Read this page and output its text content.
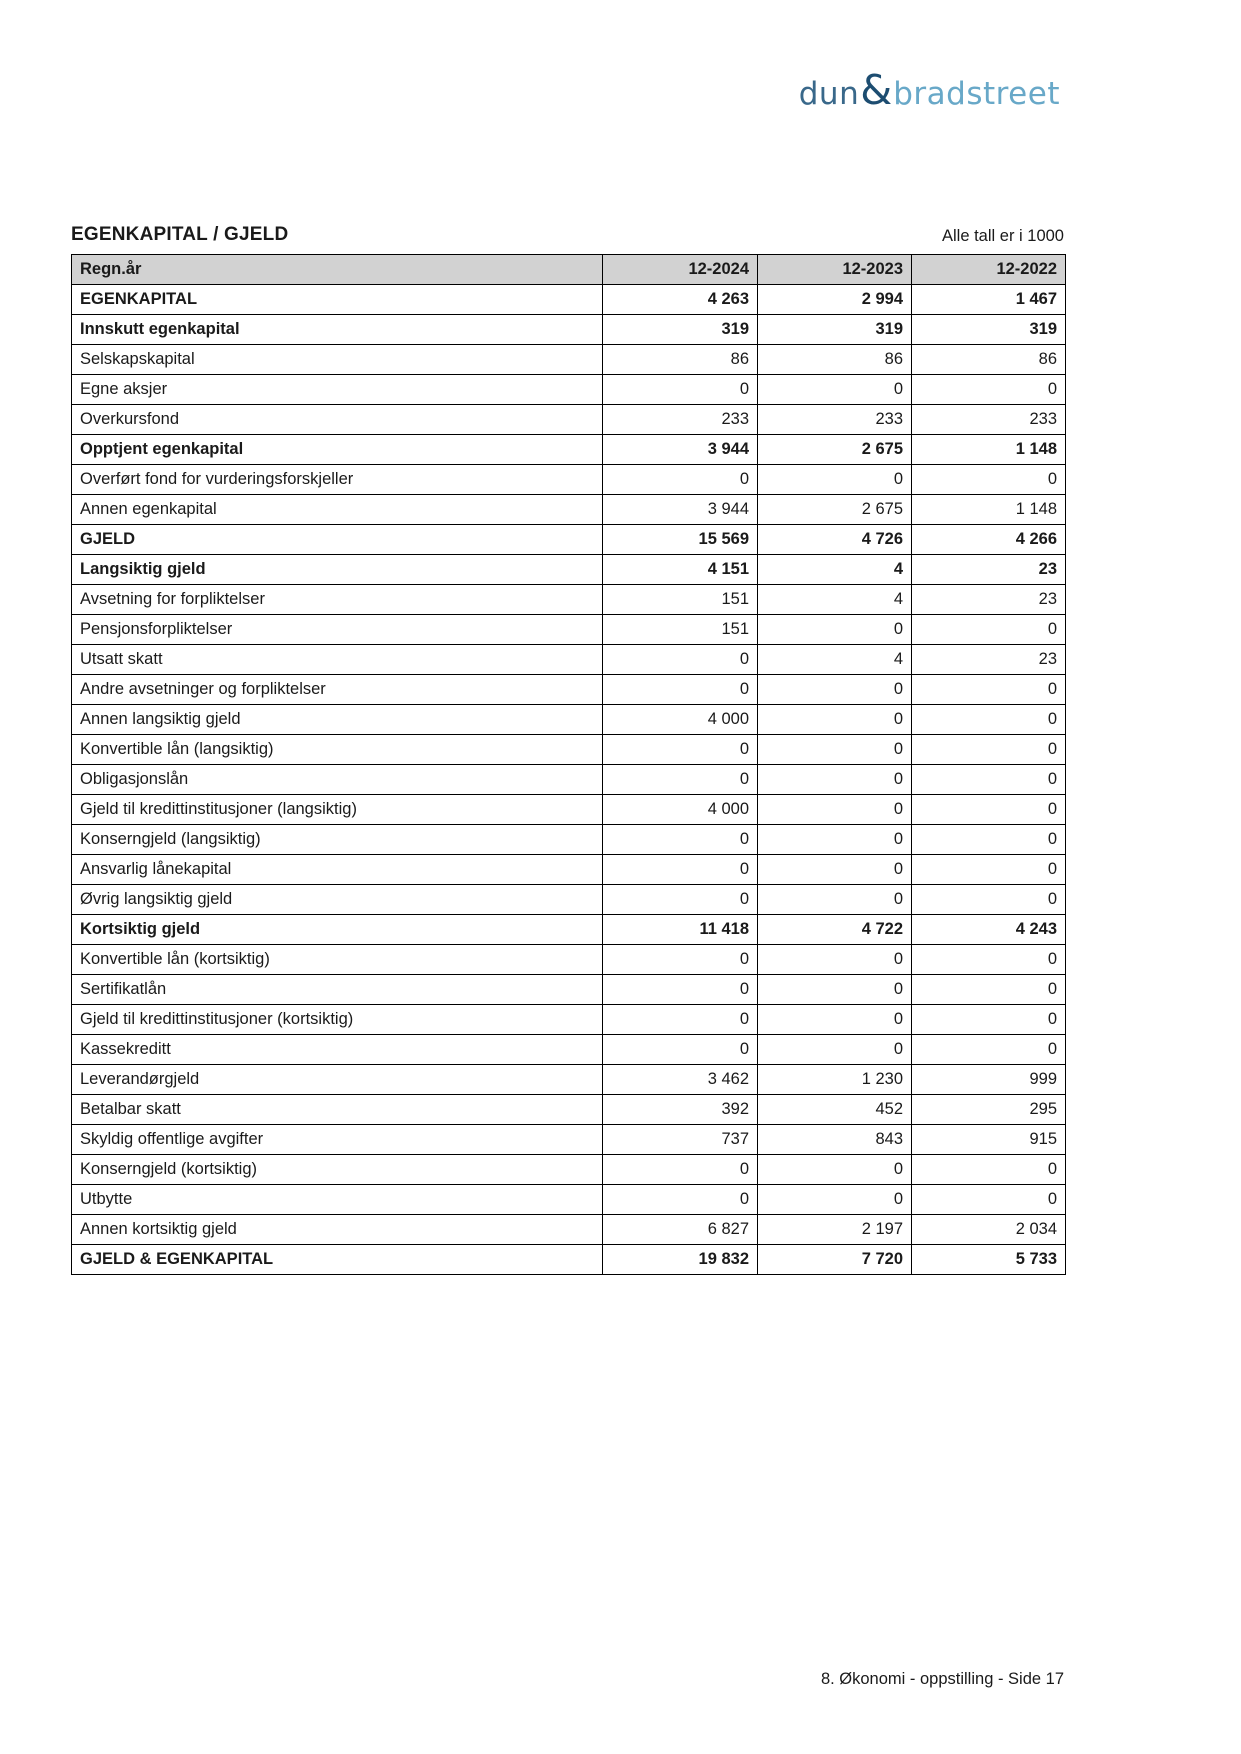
dun & bradstreet
EGENKAPITAL / GJELD	Alle tall er i 1000
Regn.år	12-2024	12-2023	12-2022
EGENKAPITAL	4 263	2 994	1 467
Innskutt egenkapital	319	319	319
Selskapskapital	86	86	86
Egne aksjer	0	0	0
Overkursfond	233	233	233
Opptjent egenkapital	3 944	2 675	1 148
Overført fond for vurderingsforskjeller	0	0	0
Annen egenkapital	3 944	2 675	1 148
GJELD	15 569	4 726	4 266
Langsiktig gjeld	4 151	4	23
Avsetning for forpliktelser	151	4	23
Pensjonsforpliktelser	151	0	0
Utsatt skatt	0	4	23
Andre avsetninger og forpliktelser	0	0	0
Annen langsiktig gjeld	4 000	0	0
Konvertible lån (langsiktig)	0	0	0
Obligasjonslån	0	0	0
Gjeld til kredittinstitusjoner (langsiktig)	4 000	0	0
Konserngjeld (langsiktig)	0	0	0
Ansvarlig lånekapital	0	0	0
Øvrig langsiktig gjeld	0	0	0
Kortsiktig gjeld	11 418	4 722	4 243
Konvertible lån (kortsiktig)	0	0	0
Sertifikatlån	0	0	0
Gjeld til kredittinstitusjoner (kortsiktig)	0	0	0
Kassekreditt	0	0	0
Leverandørgjeld	3 462	1 230	999
Betalbar skatt	392	452	295
Skyldig offentlige avgifter	737	843	915
Konserngjeld (kortsiktig)	0	0	0
Utbytte	0	0	0
Annen kortsiktig gjeld	6 827	2 197	2 034
GJELD & EGENKAPITAL	19 832	7 720	5 733
8. Økonomi - oppstilling - Side 17
